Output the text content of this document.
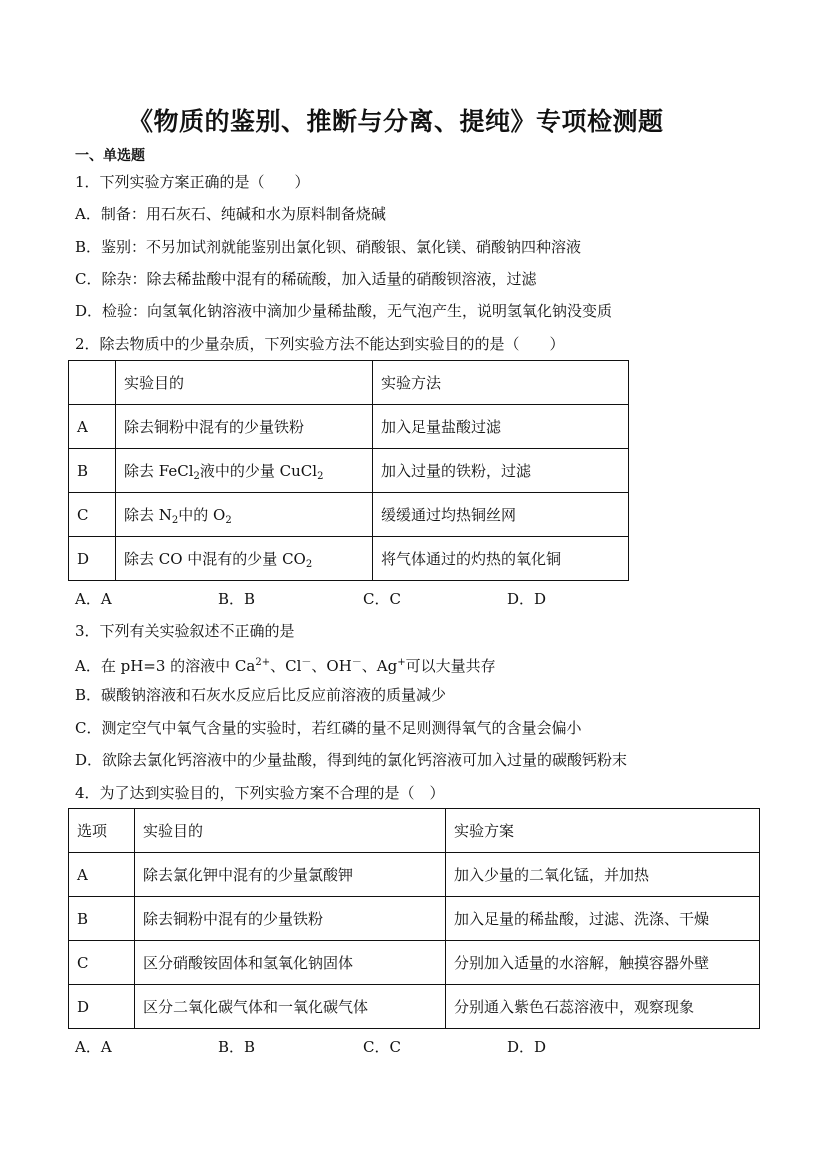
《物质的鉴别、推断与分离、提纯》专项检测题
一、单选题
1．下列实验方案正确的是（　　）
A．制备：用石灰石、纯碱和水为原料制备烧碱
B．鉴别：不另加试剂就能鉴别出氯化钡、硝酸银、氯化镁、硝酸钠四种溶液
C．除杂：除去稀盐酸中混有的稀硫酸，加入适量的硝酸钡溶液，过滤
D．检验：向氢氧化钠溶液中滴加少量稀盐酸，无气泡产生，说明氢氧化钠没变质
2．除去物质中的少量杂质，下列实验方法不能达到实验目的的是（　　）
	实验目的	实验方法
A	除去铜粉中混有的少量铁粉	加入足量盐酸过滤
B	除去 FeCl$_2$液中的少量 CuCl$_2$	加入过量的铁粉，过滤
C	除去 $N_2$中的 $O_2$	缓缓通过均热铜丝网
D	除去 CO 中混有的少量 $CO_2$	将气体通过的灼热的氧化铜
A．A	B．B	C．C	D．D
3．下列有关实验叙述不正确的是
A．在 pH=3 的溶液中 $Ca^{2+}$、Cl－、OH－、Ag+可以大量共存
B．碳酸钠溶液和石灰水反应后比反应前溶液的质量减少
C．测定空气中氧气含量的实验时，若红磷的量不足则测得氧气的含量会偏小
D．欲除去氯化钙溶液中的少量盐酸，得到纯的氯化钙溶液可加入过量的碳酸钙粉末
4．为了达到实验目的，下列实验方案不合理的是（　）
选项	实验目的	实验方案
A	除去氯化钾中混有的少量氯酸钾	加入少量的二氧化锰，并加热
B	除去铜粉中混有的少量铁粉	加入足量的稀盐酸，过滤、洗涤、干燥
C	区分硝酸铵固体和氢氧化钠固体	分别加入适量的水溶解，触摸容器外壁
D	区分二氧化碳气体和一氧化碳气体	分别通入紫色石蕊溶液中，观察现象
A．A	B．B	C．C	D．D
